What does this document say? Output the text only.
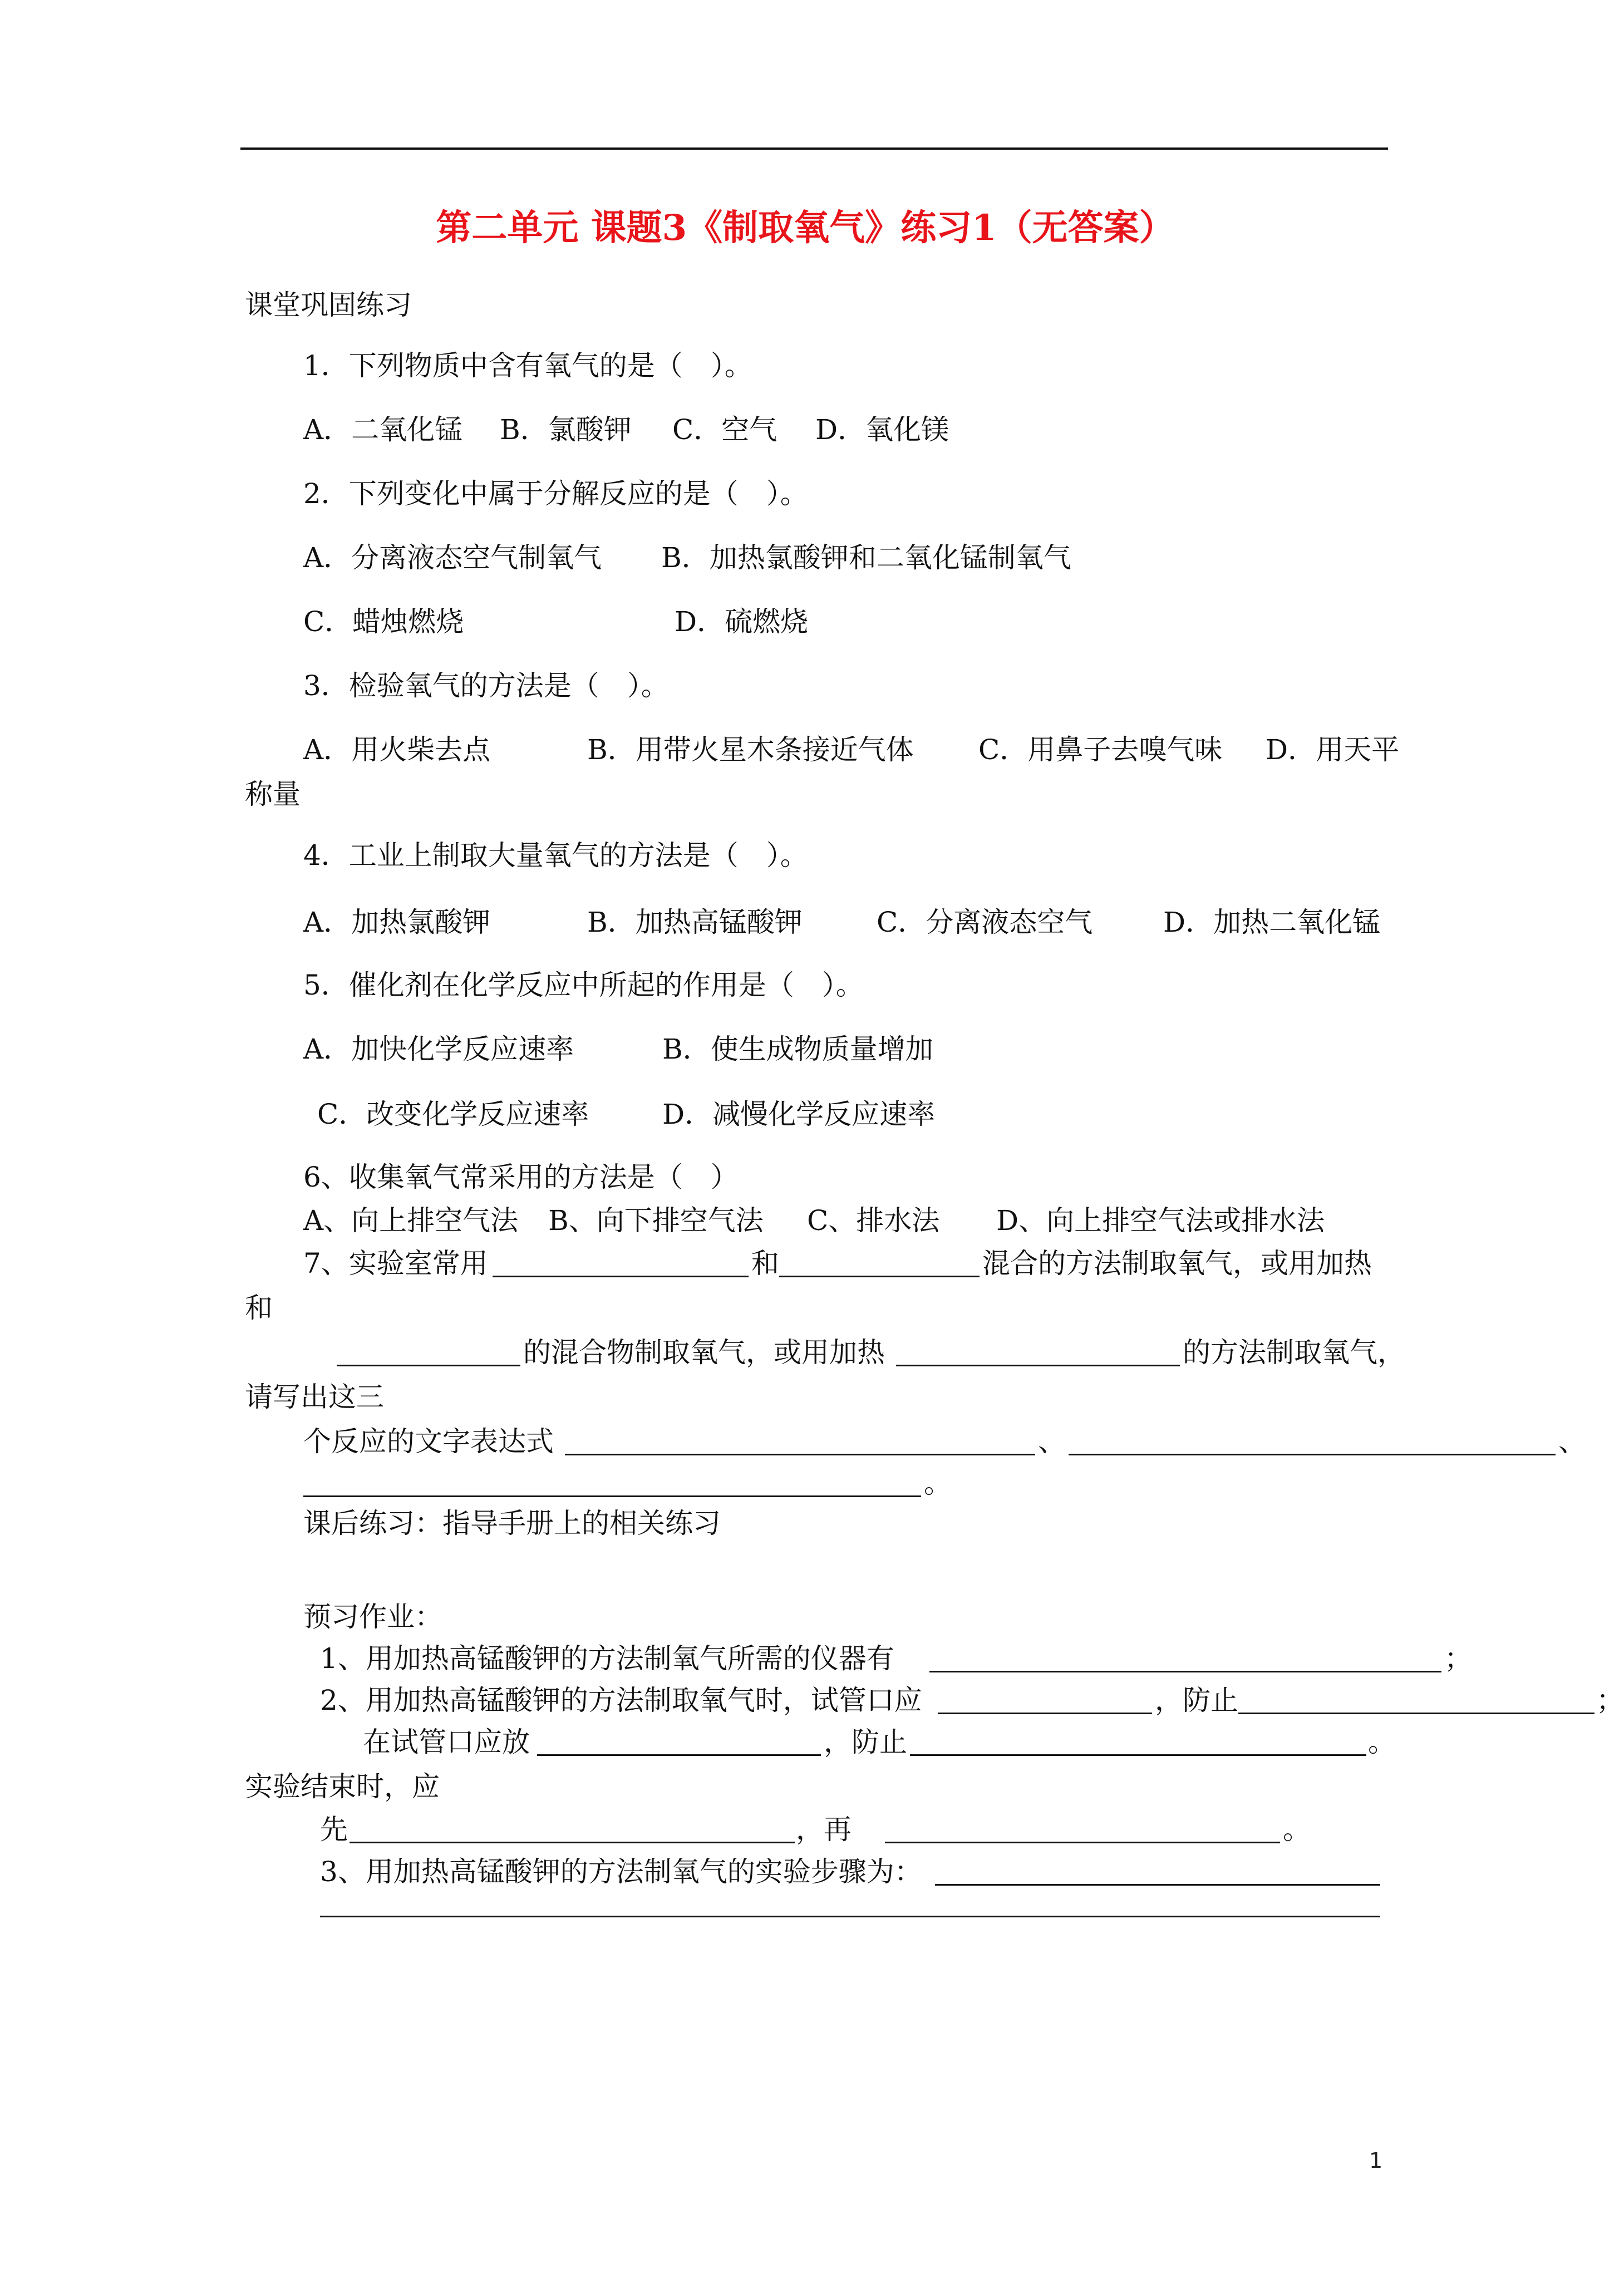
第二单元 课题3《制取氧气》练习1（无答案）
课堂巩固练习
1．下列物质中含有氧气的是（　）。
A．二氧化锰 B．氯酸钾 C．空气 D．氧化镁
2．下列变化中属于分解反应的是（　）。
A．分离液态空气制氧气 B．加热氯酸钾和二氧化锰制氧气
C．蜡烛燃烧	D．硫燃烧
3．检验氧气的方法是（　）。
A．用火柴去点	B．用带火星木条接近气体 C．用鼻子去嗅气味 D．用天平
称量
4．工业上制取大量氧气的方法是（　）。
A．加热氯酸钾	B．加热高锰酸钾	C．分离液态空气	D．加热二氧化锰
5．催化剂在化学反应中所起的作用是（　）。
A．加快化学反应速率	B．使生成物质量增加
C．改变化学反应速率	D．减慢化学反应速率
6、收集氧气常采用的方法是（　）
A、向上排空气法 B、向下排空气法 C、排水法 D、向上排空气法或排水法
7、实验室常用	和	混合的方法制取氧气，或用加热
和
的混合物制取氧气，或用加热	的方法制取氧气，
请写出这三
个反应的文字表达式	、	、
。
课后练习：指导手册上的相关练习
预习作业：
1、用加热高锰酸钾的方法制氧气所需的仪器有	；
2、用加热高锰酸钾的方法制取氧气时，试管口应	，防止	；
在试管口应放	，防止	。
实验结束时，应
先	，再	。
3、用加热高锰酸钾的方法制氧气的实验步骤为：
1
